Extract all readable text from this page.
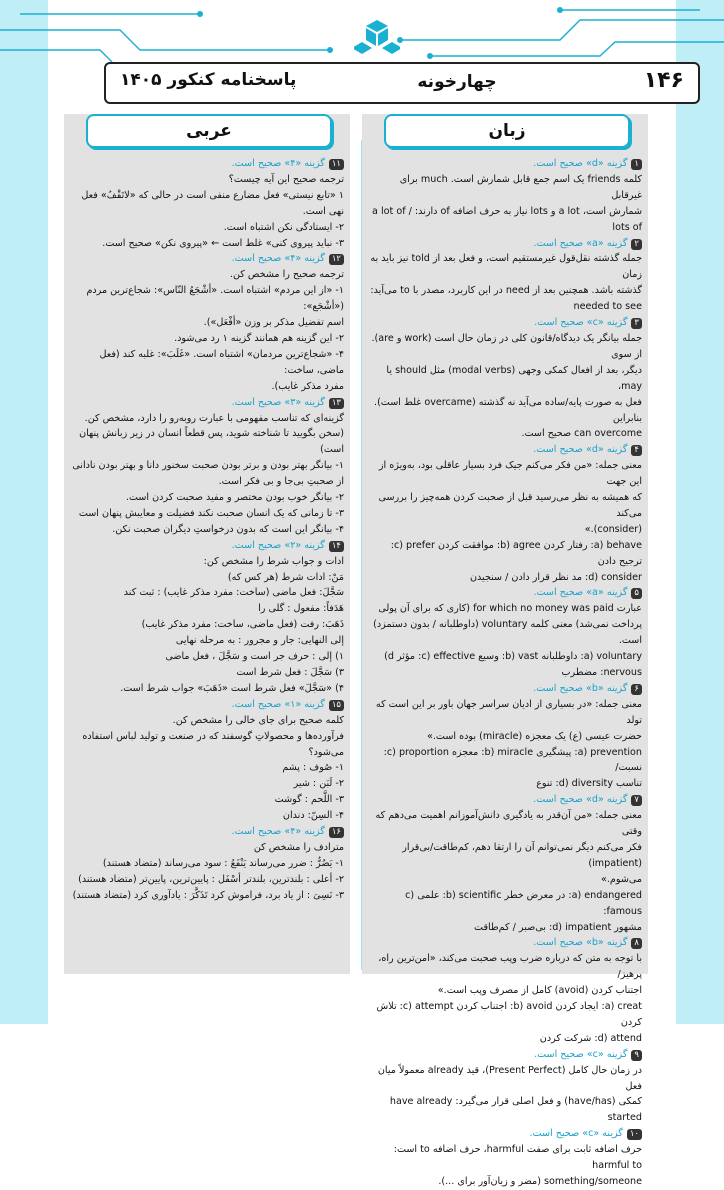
۱۴۶
چهارخونه
پاسخنامه کنکور ۱۴۰۵
زبان

۱گزینه «d» صحیح است.

کلمه friends یک اسم جمع قابل شمارش است. much برای غیرقابل

شمارش است، a lot و lots نیاز به حرف اضافه of دارند: a lot of / lots of

۲گزینه «a» صحیح است.

جمله گذشته نقل‌قول غیرمستقیم است، و فعل بعد از told نیز باید به زمان

گذشته باشد. همچنین بعد از need در این کاربرد، مصدر با to می‌آید:

needed to see

۳گزینه «c» صحیح است.

جمله بیانگر یک دیدگاه/قانون کلی در زمان حال است (work و are). از سوی

دیگر، بعد از افعال کمکی وجهی (modal verbs) مثل should یا may،

فعل به صورت پایه/ساده می‌آید نه گذشته (overcame غلط است). بنابراین

can overcome صحیح است.

۴گزینه «d» صحیح است.

معنی جمله: «من فکر می‌کنم جیک فرد بسیار عاقلی بود، به‌ویژه از این جهت

که همیشه به نظر می‌رسید قبل از صحبت کردن همه‌چیز را بررسی می‌کند

(consider).»

a) behave: رفتار کردن b) agree: موافقت کردن c) prefer: ترجیح دادن

d) consider: مد نظر قرار دادن / سنجیدن

۵گزینه «a» صحیح است.

عبارت for which no money was paid (کاری که برای آن پولی

پرداخت نمی‌شد) معنی کلمه voluntary (داوطلبانه / بدون دستمزد) است.

a) voluntary: داوطلبانه b) vast: وسیع c) effective: مؤثر d)

nervous: مضطرب

۶گزینه «b» صحیح است.

معنی جمله: «در بسیاری از ادیان سراسر جهان باور بر این است که تولد

حضرت عیسی (ع) یک معجزه (miracle) بوده است.»

a) prevention: پیشگیری b) miracle: معجزه c) proportion: نسبت/

تناسب d) diversity: تنوع

۷گزینه «d» صحیح است.

معنی جمله: «من آن‌قدر به یادگیری دانش‌آموزانم اهمیت می‌دهم که وقتی

فکر می‌کنم دیگر نمی‌توانم آن را ارتقا دهم، کم‌طاقت/بی‌قرار (impatient)

می‌شوم.»

a) endangered: در معرض خطر b) scientific: علمی c) famous:

مشهور d) impatient: بی‌صبر / کم‌طاقت

۸گزینه «b» صحیح است.

با توجه به متن که درباره ضرب وپب صحبت می‌کند، «امن‌ترین راه، پرهیز/

اجتناب کردن (avoid) کامل از مصرف وپب است.»

a) creat: ایجاد کردن b) avoid: اجتناب کردن c) attempt: تلاش کردن

d) attend: شرکت کردن

۹گزینه «c» صحیح است.

در زمان حال کامل (Present Perfect)، قید already معمولاً میان فعل

کمکی (have/has) و فعل اصلی قرار می‌گیرد: have already started

۱۰گزینه «c» صحیح است.

حرف اضافه ثابت برای صفت harmful، حرف اضافه to است: harmful to

something/someone (مضر و زیان‌آور برای ...).

عربی

۱۱گزینه «۴» صحیح است.

ترجمه صحیح این آیه چیست؟

۱ «تابع نیستی» فعل مضارع منفی است در حالی که «لاتَقْفُ» فعل

نهی است.

۲- ایستادگی نکن اشتباه است.

۳- نباید پیروی کنی» غلط است ← «پیروی نکن» صحیح است.

۱۲گزینه «۴» صحیح است.

ترجمه صحیح را مشخص کن.

۱- «از این مردم» اشتباه است. «أشْجَعُ النّاس»: شجاع‌ترین مردم («أشْجَع»:

اسم تفضیل مذکر بر وزن «أفْعَل»).

۲- این گزینه هم همانند گزینه ۱ رد می‌شود.

۴- «شجاع‌ترین مردمان» اشتباه است. «غَلَبَ»: غلبه کند (فعل ماضی، ساخت:

مفرد مذکر غایب).

۱۳گزینه «۳» صحیح است.

گزینه‌ای که تناسب مفهومی با عبارت روبه‌رو را دارد، مشخص کن.

(سخن بگویید تا شناخته شوید، پس قطعاً انسان در زیر زبانش پنهان

است)

۱- بیانگر بهتر بودن و برتر بودن صحبت سخنور دانا و بهتر بودن نادانی

از صحبتِ بی‌جا و بی فکر است.

۲- بیانگر خوب بودن مختصر و مفید صحبت کردن است.

۳- تا زمانی که یک انسان صحبت نکند فضیلت و معایبش پنهان است

۴- بیانگر این است که بدون درخواستِ دیگران صحبت نکن.

۱۴گزینه «۲» صحیح است.

ادات و جواب شرط را مشخص کن:

مَنْ: ادات شرط (هر کس که)

سَجَّلَ: فعل ماضی (ساخت: مفرد مذکر غایب) : ثبت کند

هَدَفاً: مفعول : گلی را

ذَهَبَ: رفت (فعل ماضی، ساخت: مفرد مذکر غایب)

إلی النهایی: جار و مجرور : به مرحله نهایی

۱) إلی : حرف جر است و سَجَّلَ ، فعل ماضی

۳) سَجَّلَ : فعل شرط است

۴) «سَجَّلَ» فعل شرط است «ذَهَبَ» جواب شرط است.

۱۵گزینه «۱» صحیح است.

کلمه صحیح برای جای خالی را مشخص کن.

فرآورده‌ها و محصولاتِ گوسفند که در صنعت و تولید لباس استفاده می‌شود؟

۱- صُوف : پشم

۲- لَبَن : شیر

۳- اللَّحم : گوشت

۴- السِنّ: دندان

۱۶گزینه «۴» صحیح است.

مترادف را مشخص کن

۱- یَضُرُّ : ضرر می‌رساند یَنْفَعُ : سود می‌رساند (متضاد هستند)

۲- أعلی : بلندترین، بلندتر أسْفَل : پایین‌ترین، پایین‌تر (متضاد هستند)

۳- نَسِیَ : از یاد برد، فراموش کرد تَذَکَّرَ : یادآوری کرد (متضاد هستند)
